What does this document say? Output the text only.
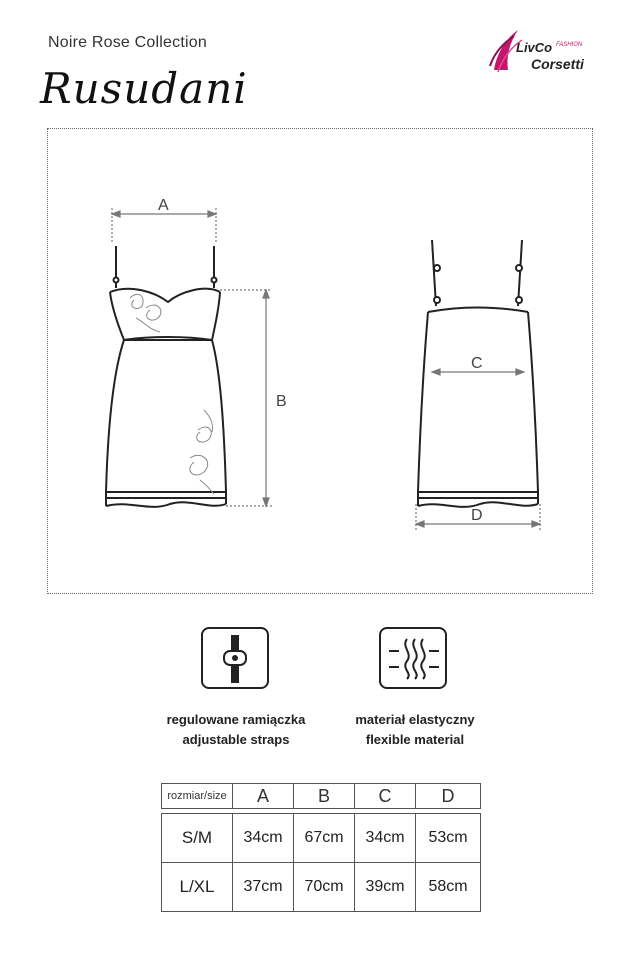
Noire Rose Collection
Rusudani
LivCo FASHION
Corsetti
A
B
C
D
regulowane ramiączka
adjustable straps
materiał elastyczny
flexible material
rozmiar/size	A	B	C	D

S/M	34cm	67cm	34cm	53cm
L/XL	37cm	70cm	39cm	58cm
